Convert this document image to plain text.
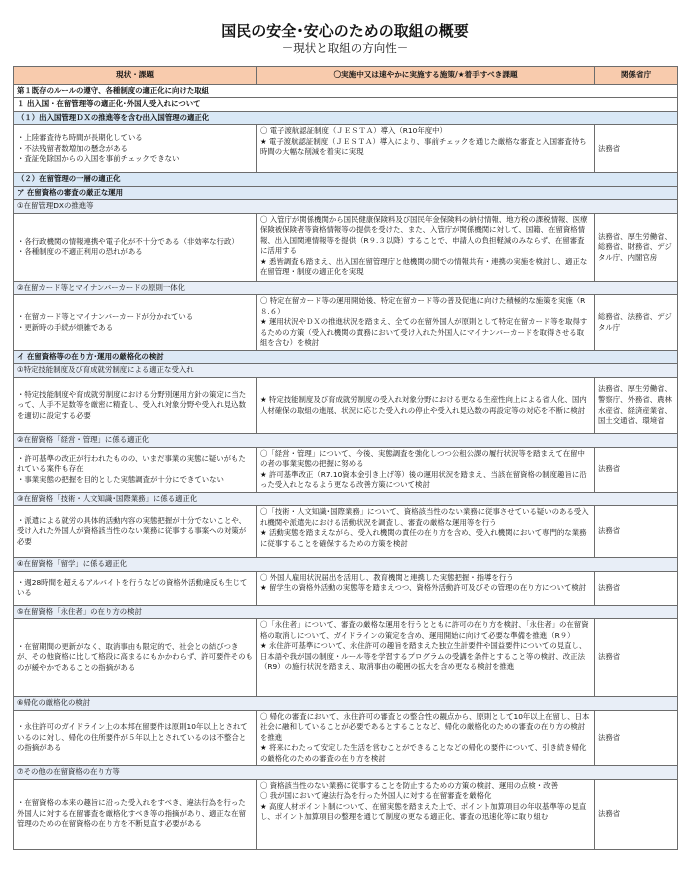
国民の安全･安心のための取組の概要
－現状と取組の方向性－
現状・課題	〇実施中又は速やかに実施する施策/★着手すべき課題	関係省庁
第１既存のルールの遵守、各種制度の適正化に向けた取組		
１ 出入国・在留管理等の適正化･外国人受入れについて		
（１）出入国管理ＤＸの推進等を含む出入国管理の適正化		

・上陸審査待ち時間が長期化している
・不法残留者数増加の懸念がある
・査証免除国からの入国を事前チェックできない	〇 電子渡航認証制度（ＪＥＳＴＡ）導入（R10年度中）
★ 電子渡航認証制度（ＪＥＳＴＡ）導入により、事前チェックを通じた厳格な審査と入国審査待ち時間の大幅な削減を着実に実現	法務省
（２）在留管理の一層の適正化		
ア 在留資格の審査の厳正な運用		
①在留管理DXの推進等		

・各行政機関の情報連携や電子化が不十分である（非効率な行政）
・各種制度の不適正利用の恐れがある	〇 入管庁が関係機関から国民健康保険料及び国民年金保険料の納付情報、地方税の課税情報、医療保険被保険者等資格情報等の提供を受けた、また、入管庁が関係機関に対して、国籍、在留資格情報、出入国関連情報等を提供（R９.３以降）することで、申請人の負担軽減のみならず、在留審査に活用する
★ 悉皆調査も踏まえ、出入国在留管理庁と他機関の間での情報共有・連携の実施を検討し、適正な在留管理・制度の適正化を実現	法務省、厚生労働省、総務省、財務省、デジタル庁、内閣官房
②在留カード等とマイナンバーカードの原則一体化		

・在留カード等とマイナンバーカードが分かれている
・更新時の手続が煩雑である	〇 特定在留カード等の運用開始後、特定在留カード等の普及促進に向けた積極的な施策を実施（R８.６）
★ 運用状況やＤＸの推進状況を踏まえ、全ての在留外国人が原則として特定在留カード等を取得するための方策（受入れ機関の責務において受け入れた外国人にマイナンバーカードを取得させる取組を含む）を検討	総務省、法務省、デジタル庁
イ 在留資格等の在り方･運用の厳格化の検討		
①特定技能制度及び育成就労制度による適正な受入れ		

・特定技能制度や育成就労制度における分野別運用方針の策定に当たって、人手不足数等を厳密に精査し、受入れ対象分野や受入れ見込数を適切に設定する必要	★ 特定技能制度及び育成就労制度の受入れ対象分野における更なる生産性向上による省人化、国内人材確保の取組の進展、状況に応じた受入れの停止や受入れ見込数の再設定等の対応を不断に検討	法務省、厚生労働省、警察庁、外務省、農林水産省、経済産業省、国土交通省、環境省
②在留資格「経営・管理」に係る適正化		

・許可基準の改正が行われたものの、いまだ事業の実態に疑いがもたれている案件も存在
・事業実態の把握を目的とした実態調査が十分にできていない	〇「経営・管理」について、今後、実態調査を強化しつつ公租公課の履行状況等を踏まえて在留中の者の事業実態の把握に努める
★ 許可基準改正（R7.10資本金引き上げ等）後の運用状況を踏まえ、当該在留資格の制度趣旨に沿った受入れとなるよう更なる改善方策について検討	法務省
③在留資格「技術・人文知識･国際業務」に係る適正化		

・派遣による就労の具体的活動内容の実態把握が十分でないことや、受け入れた外国人が資格該当性のない業務に従事する事案への対策が必要	〇「技術・人文知識･国際業務」について、資格該当性のない業務に従事させている疑いのある受入れ機関や派遣先における活動状況を調査し、審査の厳格な運用等を行う
★ 活動実態を踏まえながら、受入れ機関の責任の在り方を含め、受入れ機関において専門的な業務に従事することを確保するための方策を検討	法務省
④在留資格「留学」に係る適正化		

・週28時間を超えるアルバイトを行うなどの資格外活動違反も生じている	〇 外国人雇用状況届出を活用し、教育機関と連携した実態把握・指導を行う
★ 留学生の資格外活動の実態等を踏まえつつ、資格外活動許可及びその管理の在り方について検討	法務省
⑤在留資格「永住者」の在り方の検討		

・在留期間の更新がなく、取消事由も限定的で、社会との結びつきが、その他資格に比して格段に高まるにもかかわらず、許可要件そのものが緩やかであることの指摘がある	〇「永住者」について、審査の厳格な運用を行うとともに許可の在り方を検討、「永住者」の在留資格の取消しについて、ガイドラインの策定を含め、運用開始に向けて必要な準備を推進（R９）
★ 永住許可基準について、永住許可の趣旨を踏まえた独立生計要件や国益要件についての見直し、日本語や我が国の制度・ルール等を学習するプログラムの受講を条件とすること等の検討、改正法（R9）の施行状況を踏まえ、取消事由の範囲の拡大を含め更なる検討を推進	法務省
⑥帰化の厳格化の検討		

・永住許可のガイドライン上の本邦在留要件は原則10年以上とされているのに対し、帰化の住所要件が５年以上とされているのは不整合との指摘がある	〇 帰化の審査において、永住許可の審査との整合性の観点から、原則として10年以上在留し、日本社会に融和していることが必要であるとすることなど、帰化の厳格化のための審査の在り方の検討を推進
★ 将来にわたって安定した生活を営むことができることなどの帰化の要件について、引き続き帰化の厳格化のための審査の在り方を検討	法務省
⑦その他の在留資格の在り方等		

・在留資格の本来の趣旨に沿った受入れをすべき、違法行為を行った外国人に対する在留審査を厳格化すべき等の指摘があり、適正な在留管理のための在留資格の在り方を不断見直す必要がある	〇 資格該当性のない業務に従事することを防止するための方策の検討、運用の点検・改善
〇 我が国において違法行為を行った外国人に対する在留審査を厳格化
★ 高度人材ポイント制について、在留実態を踏まえた上で、ポイント加算項目の年収基準等の見直し、ポイント加算項目の整理を通じて制度の更なる適正化、審査の迅速化等に取り組む	法務省
